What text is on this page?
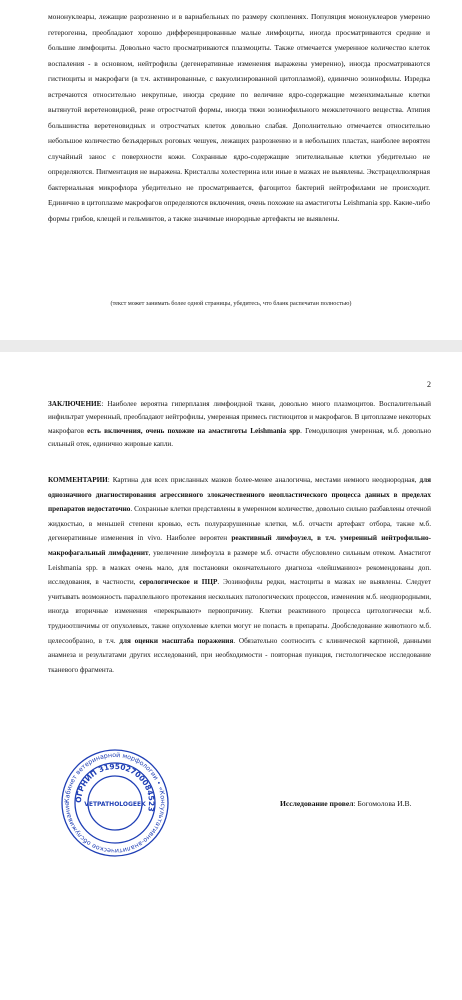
мононуклеары, лежащие разрозненно и в вариабельных по размеру скоплениях. Популяция мононуклеаров умеренно гетерогенна, преобладают хорошо дифференцированные малые лимфоциты, иногда просматриваются средние и большие лимфоциты. Довольно часто просматриваются плазмоциты. Также отмечается умеренное количество клеток воспаления - в основном, нейтрофилы (дегенеративные изменения выражены умеренно), иногда просматриваются гистиоциты и макрофаги (в т.ч. активированные, с вакуолизированной цитоплазмой), единично эозинофилы. Изредка встречаются относительно некрупные, иногда средние по величине ядро-содержащие мезенхимальные клетки вытянутой веретеновидной, реже отростчатой формы, иногда тяжи эозинофильного межклеточного вещества. Атипия большинства веретеновидных и отростчатых клеток довольно слабая. Дополнительно отмечается относительно небольшое количество безъядерных роговых чешуек, лежащих разрозненно и в небольших пластах, наиболее вероятен случайный занос с поверхности кожи. Сохранные ядро-содержащие эпителиальные клетки убедительно не определяются. Пигментация не выражена. Кристаллы холестерина или иные в мазках не выявлены. Экстрацеллюлярная бактериальная микрофлора убедительно не просматривается, фагоцитоз бактерий нейтрофилами не происходит. Единично в цитоплазме макрофагов определяются включения, очень похожие на амастиготы Leishmania spp. Какие-либо формы грибов, клещей и гельминтов, а также значимые инородные артефакты не выявлены.
(текст может занимать более одной страницы, убедитесь, что бланк распечатан полностью)
2
ЗАКЛЮЧЕНИЕ: Наиболее вероятна гиперплазия лимфоидной ткани, довольно много плазмоцитов. Воспалительный инфильтрат умеренный, преобладают нейтрофилы, умеренная примесь гистиоцитов и макрофагов. В цитоплазме некоторых макрофагов есть включения, очень похожие на амастиготы Leishmania spp. Гемодилюция умеренная, м.б. довольно сильный отек, единично жировые капли.
КОММЕНТАРИИ: Картина для всех присланных мазков более-менее аналогична, местами немного неоднородная, для однозначного диагностирования агрессивного злокачественного неопластического процесса данных в пределах препаратов недостаточно. Сохранные клетки представлены в умеренном количестве, довольно сильно разбавлены отечной жидкостью, в меньшей степени кровью, есть полуразрушенные клетки, м.б. отчасти артефакт отбора, также м.б. дегенеративные изменения in vivo. Наиболее вероятен реактивный лимфоузел, в т.ч. умеренный нейтрофильно-макрофагальный лимфаденит, увеличение лимфоузла в размере м.б. отчасти обусловлено сильным отеком. Амастигот Leishmania spp. в мазках очень мало, для постановки окончательного диагноза «лейшманиоз» рекомендованы доп. исследования, в частности, серологическое и ПЦР. Эозинофилы редки, мастоциты в мазках не выявлены. Следует учитывать возможность параллельного протекания нескольких патологических процессов, изменения м.б. неоднородными, иногда вторичные изменения «перекрывают» первопричину. Клетки реактивного процесса цитологически м.б. трудноотличимы от опухолевых, также опухолевые клетки могут не попасть в препараты. Дообследование животного м.б. целесообразно, в т.ч. для оценки масштаба поражения. Обязательно соотносить с клинической картиной, данными анамнеза и результатами других исследований, при необходимости - повторная пункция, гистологическое исследование тканевого фрагмента.
Кабинет ветеринарной морфологии • «Консультативно-аналитическое обслуживание
ОГРНИП 319502700084523
VETPATHOLOGEEK	Исследование провел: Богомолова И.В.
